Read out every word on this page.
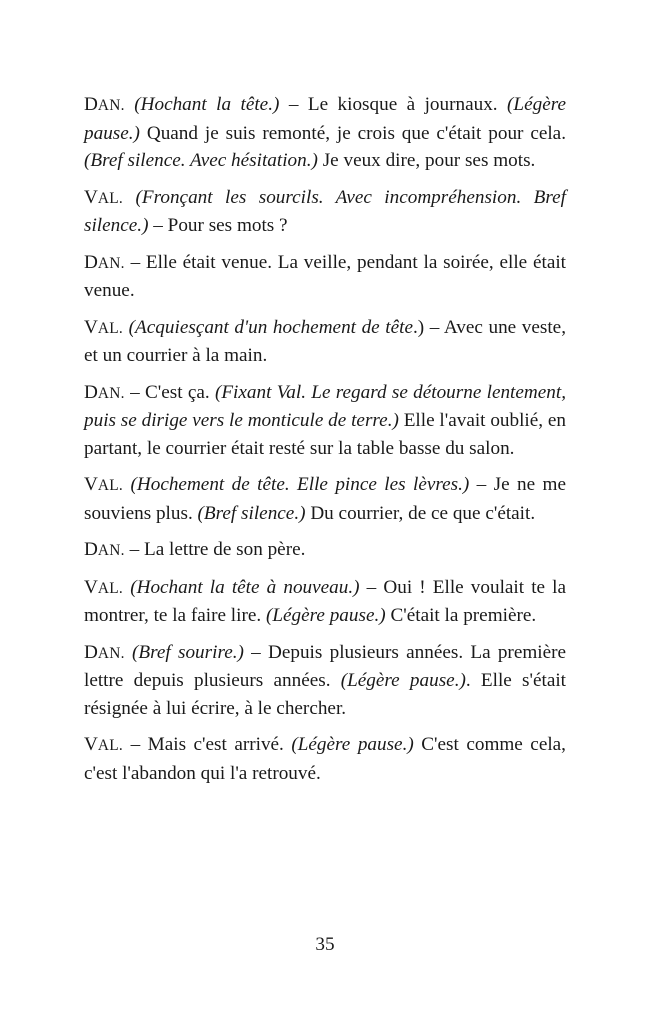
DAN. (Hochant la tête.) – Le kiosque à journaux. (Légère pause.) Quand je suis remonté, je crois que c'était pour cela. (Bref silence. Avec hésitation.) Je veux dire, pour ses mots.

VAL. (Fronçant les sourcils. Avec incompréhension. Bref silence.) – Pour ses mots ?

DAN. – Elle était venue. La veille, pendant la soirée, elle était venue.

VAL. (Acquiesçant d'un hochement de tête.) – Avec une veste, et un courrier à la main.

DAN. – C'est ça. (Fixant Val. Le regard se détourne lentement, puis se dirige vers le monticule de terre.) Elle l'avait oublié, en partant, le courrier était resté sur la table basse du salon.

VAL. (Hochement de tête. Elle pince les lèvres.) – Je ne me souviens plus. (Bref silence.) Du courrier, de ce que c'était.

DAN. – La lettre de son père.

VAL. (Hochant la tête à nouveau.) – Oui ! Elle voulait te la montrer, te la faire lire. (Légère pause.) C'était la première.

DAN. (Bref sourire.) – Depuis plusieurs années. La première lettre depuis plusieurs années. (Légère pause.). Elle s'était résignée à lui écrire, à le chercher.

VAL. – Mais c'est arrivé. (Légère pause.) C'est comme cela, c'est l'abandon qui l'a retrouvé.

35
